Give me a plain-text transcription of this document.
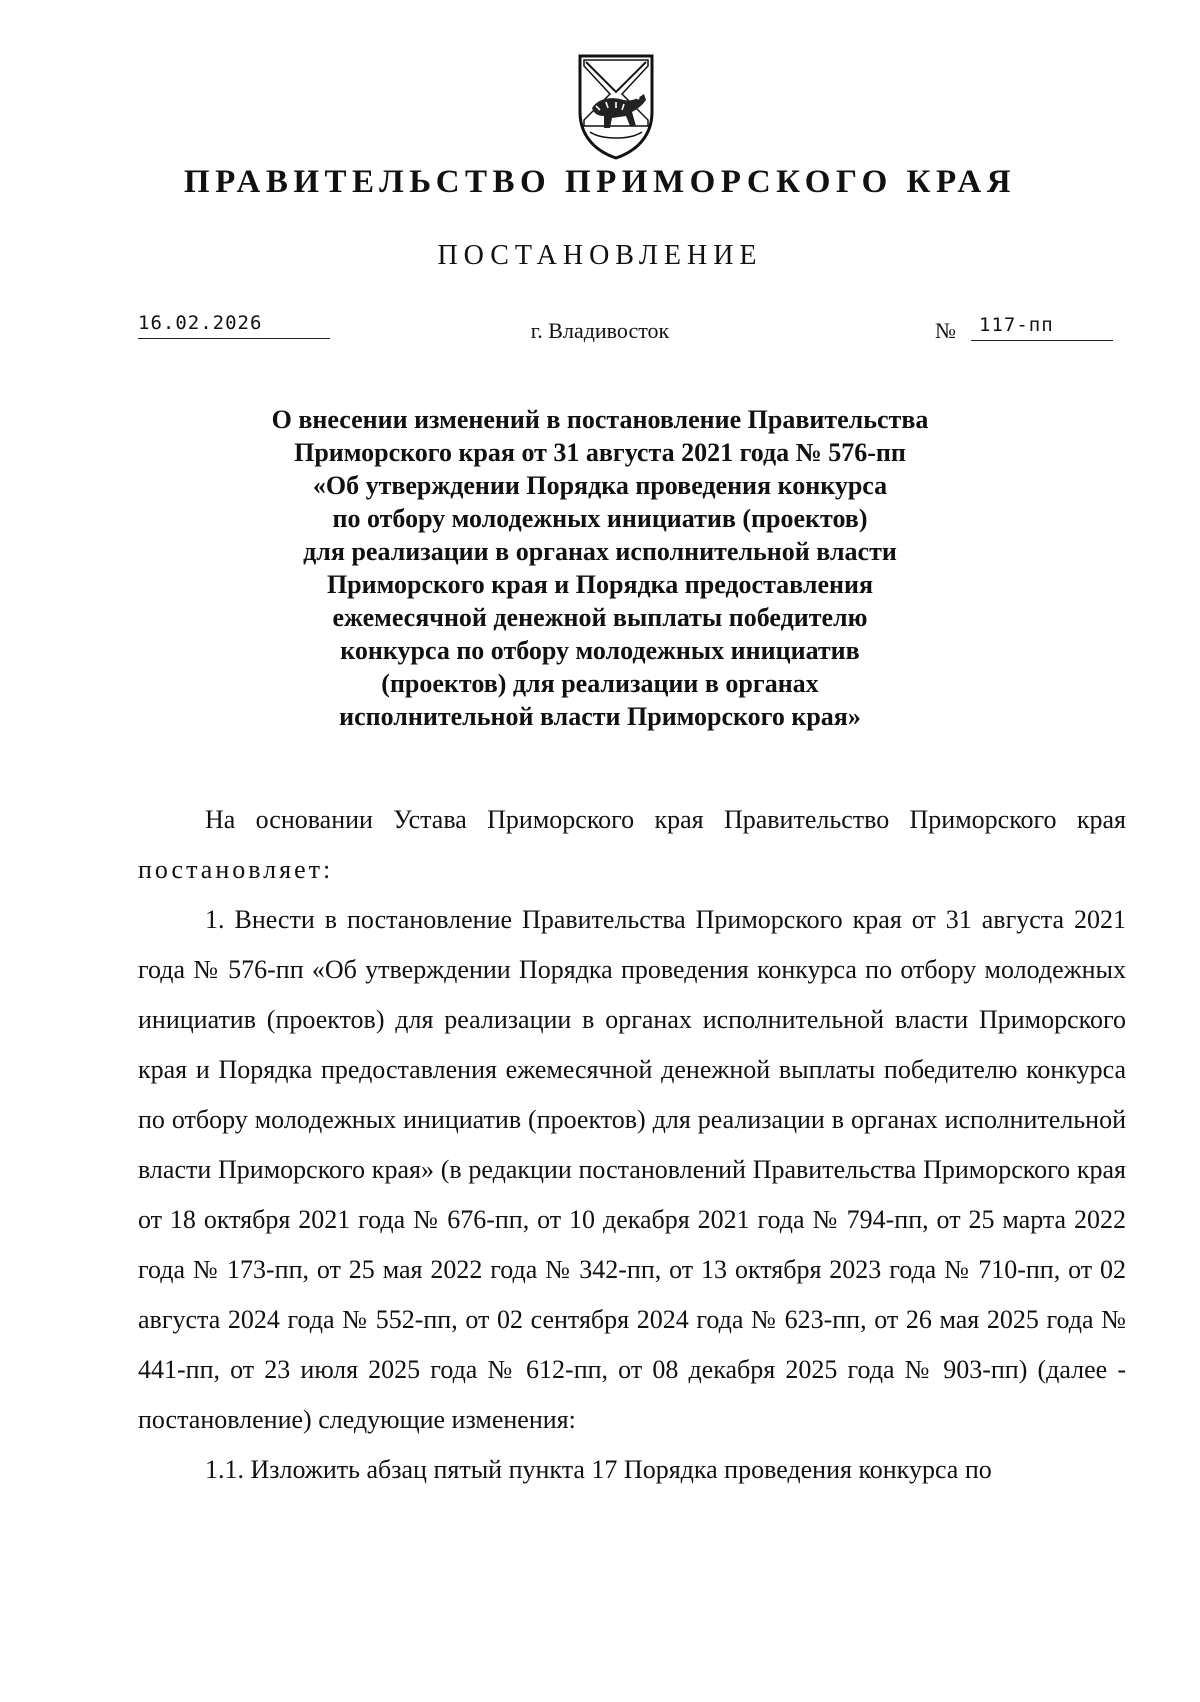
ПРАВИТЕЛЬСТВО ПРИМОРСКОГО КРАЯ
ПОСТАНОВЛЕНИЕ
16.02.2026	г. Владивосток	№	117-пп
О внесении изменений в постановление Правительства
Приморского края от 31 августа 2021 года № 576-пп
«Об утверждении Порядка проведения конкурса
по отбору молодежных инициатив (проектов)
для реализации в органах исполнительной власти
Приморского края и Порядка предоставления
ежемесячной денежной выплаты победителю
конкурса по отбору молодежных инициатив
(проектов) для реализации в органах
исполнительной власти Приморского края»

На основании Устава Приморского края Правительство Приморского края постановляет:

1. Внести в постановление Правительства Приморского края от 31 августа 2021 года № 576-пп «Об утверждении Порядка проведения конкурса по отбору молодежных инициатив (проектов) для реализации в органах исполнительной власти Приморского края и Порядка предоставления ежемесячной денежной выплаты победителю конкурса по отбору молодежных инициатив (проектов) для реализации в органах исполнительной власти Приморского края» (в редакции постановлений Правительства Приморского края от 18 октября 2021 года № 676-пп, от 10 декабря 2021 года № 794-пп, от 25 марта 2022 года № 173-пп, от 25 мая 2022 года № 342-пп, от 13 октября 2023 года № 710-пп, от 02 августа 2024 года № 552-пп, от 02 сентября 2024 года № 623-пп, от 26 мая 2025 года № 441-пп, от 23 июля 2025 года № 612-пп, от 08 декабря 2025 года № 903-пп) (далее - постановление) следующие изменения:

1.1. Изложить абзац пятый пункта 17 Порядка проведения конкурса по
